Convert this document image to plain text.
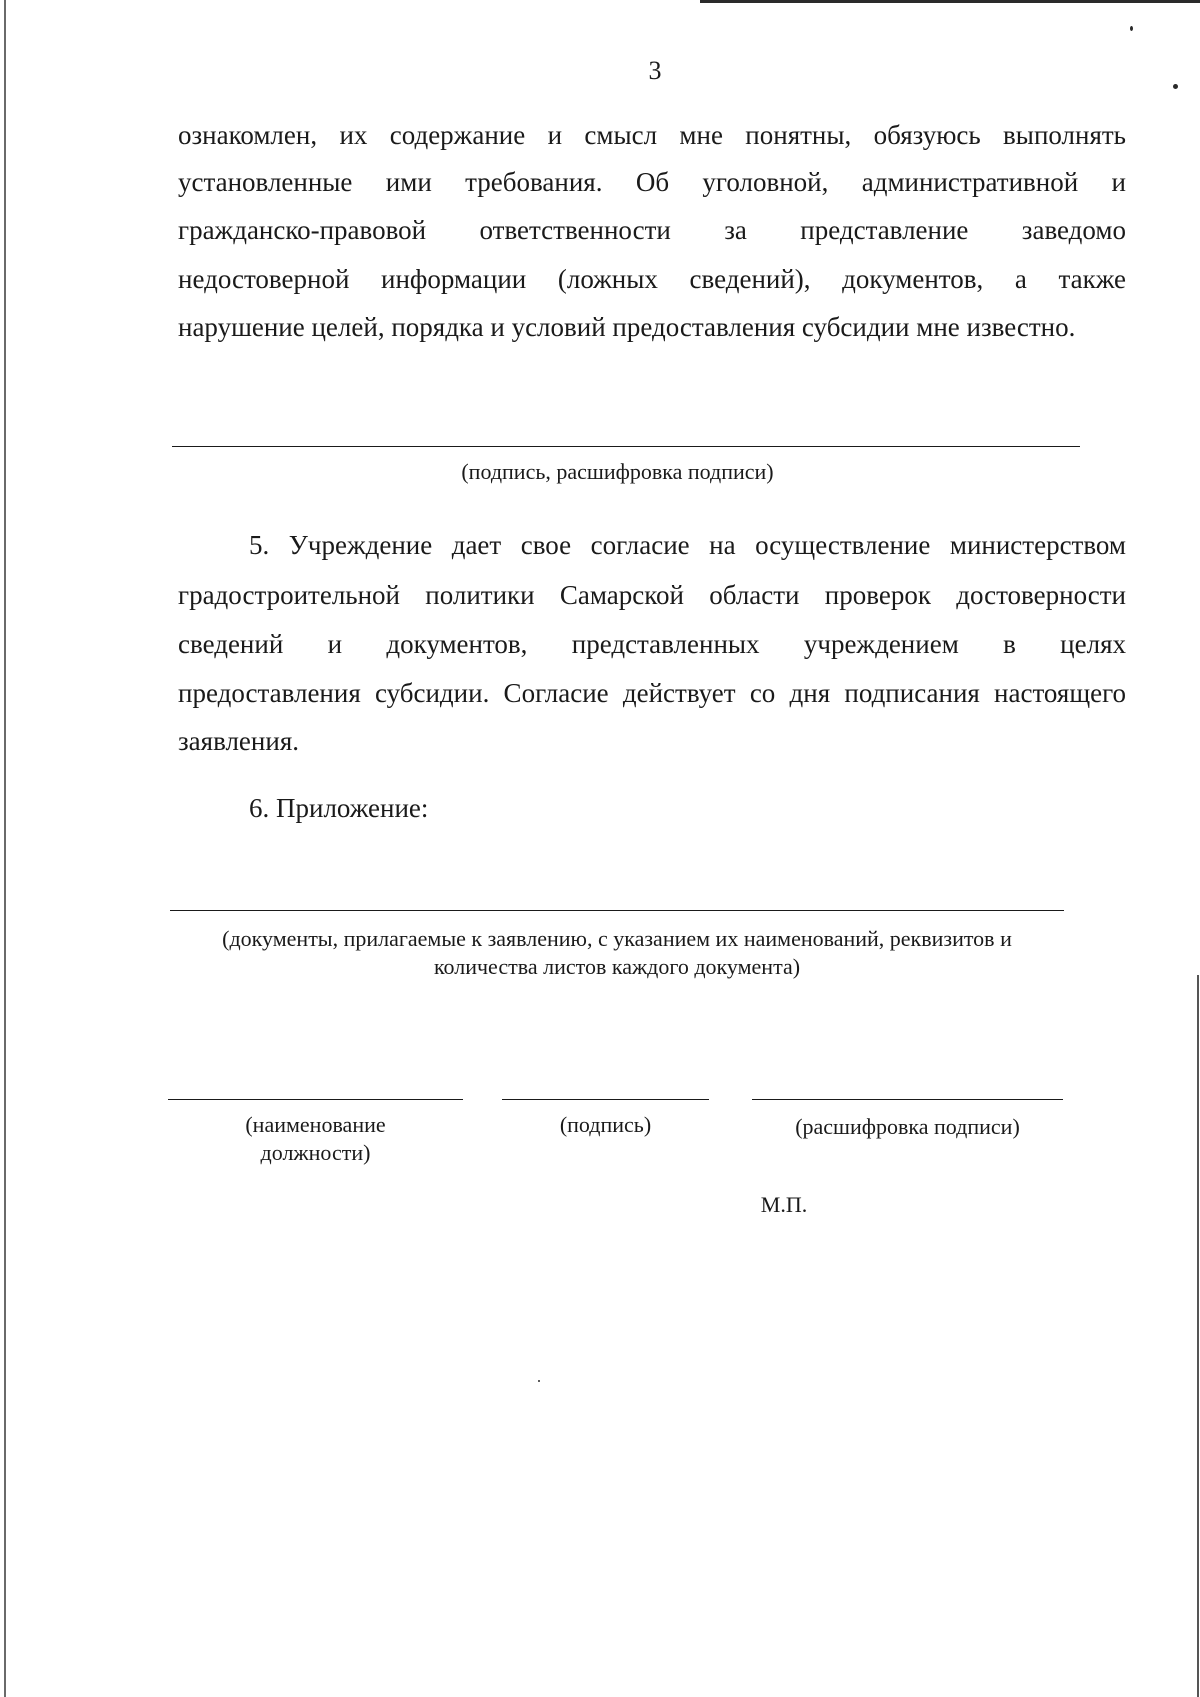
3
ознакомлен, их содержание и смысл мне понятны, обязуюсь выполнять
установленные ими требования. Об уголовной, административной и
гражданско-правовой ответственности за представление заведомо
недостоверной информации (ложных сведений), документов, а также
нарушение целей, порядка и условий предоставления субсидии мне известно.
(подпись, расшифровка подписи)
5. Учреждение дает свое согласие на осуществление министерством
градостроительной политики Самарской области проверок достоверности
сведений и документов, представленных учреждением в целях
предоставления субсидии. Согласие действует со дня подписания настоящего
заявления.
6. Приложение:
(документы, прилагаемые к заявлению, с указанием их наименований, реквизитов и
количества листов каждого документа)
(наименование
должности)
(подпись)	(расшифровка подписи)
М.П.
